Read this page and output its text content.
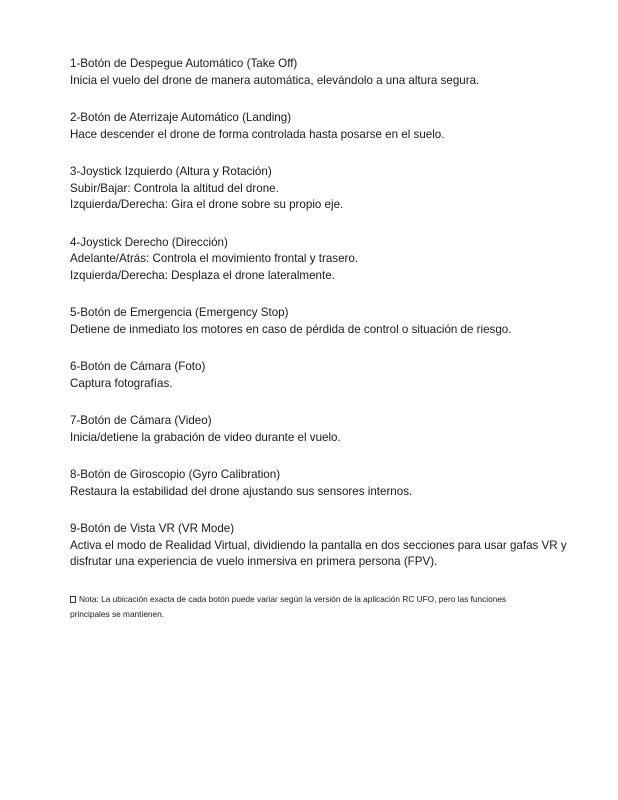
1-Botón de Despegue Automático (Take Off)
Inicia el vuelo del drone de manera automática, elevándolo a una altura segura.
2-Botón de Aterrizaje Automático (Landing)
Hace descender el drone de forma controlada hasta posarse en el suelo.
3-Joystick Izquierdo (Altura y Rotación)
Subir/Bajar: Controla la altitud del drone.
Izquierda/Derecha: Gira el drone sobre su propio eje.
4-Joystick Derecho (Dirección)
Adelante/Atrás: Controla el movimiento frontal y trasero.
Izquierda/Derecha: Desplaza el drone lateralmente.
5-Botón de Emergencia (Emergency Stop)
Detiene de inmediato los motores en caso de pérdida de control o situación de riesgo.
6-Botón de Cámara (Foto)
Captura fotografías.
7-Botón de Cámara (Video)
Inicia/detiene la grabación de video durante el vuelo.
8-Botón de Giroscopio (Gyro Calibration)
Restaura la estabilidad del drone ajustando sus sensores internos.
9-Botón de Vista VR (VR Mode)
Activa el modo de Realidad Virtual, dividiendo la pantalla en dos secciones para usar gafas VR y
disfrutar una experiencia de vuelo inmersiva en primera persona (FPV).
Nota: La ubicación exacta de cada botón puede variar según la versión de la aplicación RC UFO, pero las funciones
principales se mantienen.
